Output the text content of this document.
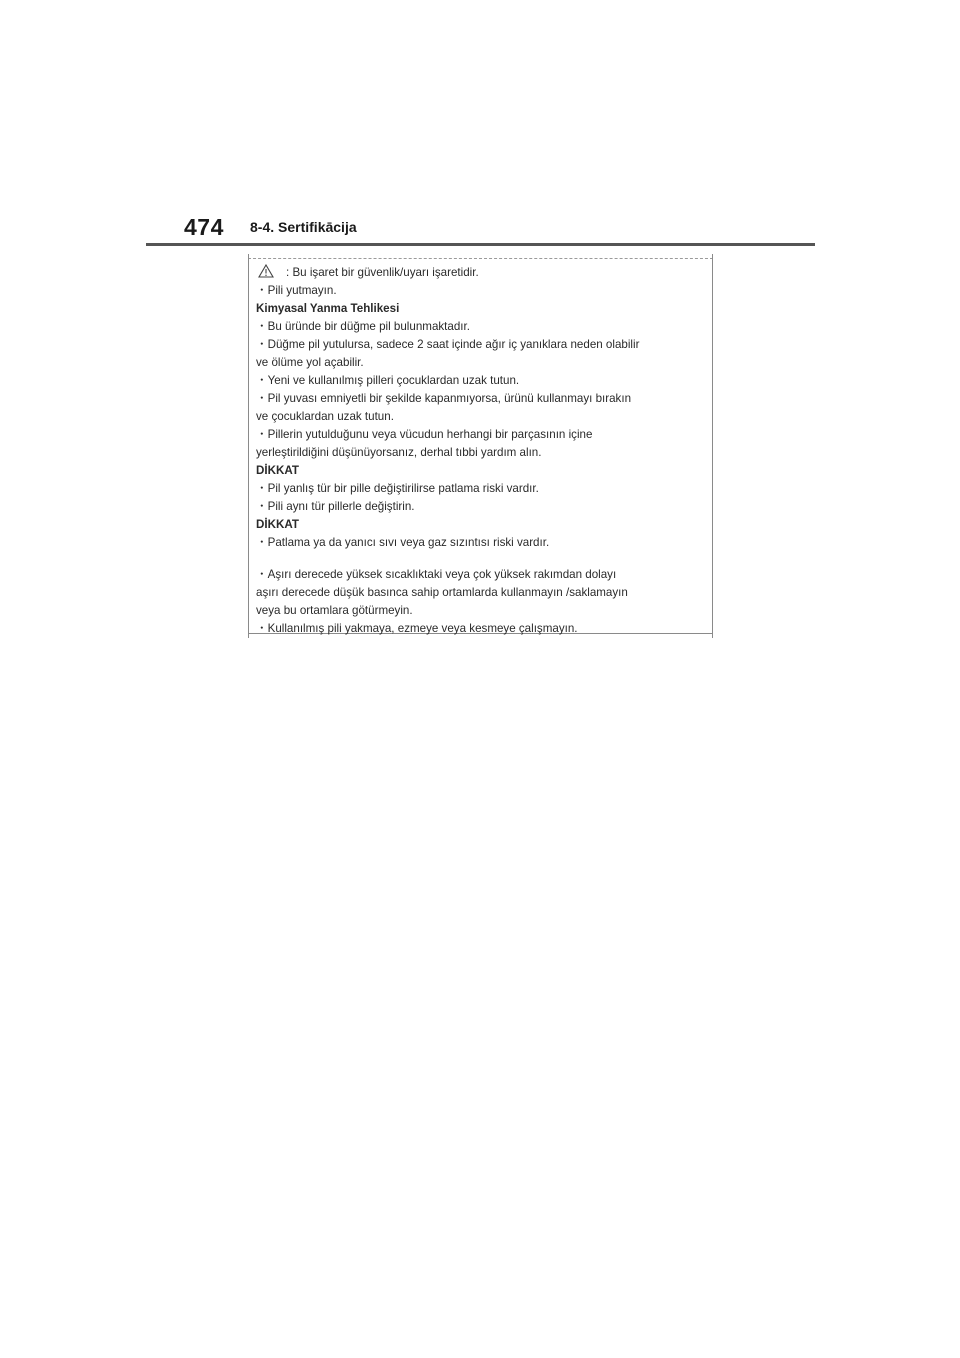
474 8-4. Sertifikācija
: Bu işaret bir güvenlik/uyarı işaretidir.
・Pili yutmayın.
Kimyasal Yanma Tehlikesi
・Bu üründe bir düğme pil bulunmaktadır.
・Düğme pil yutulursa, sadece 2 saat içinde ağır iç yanıklara neden olabilir
ve ölüme yol açabilir.
・Yeni ve kullanılmış pilleri çocuklardan uzak tutun.
・Pil yuvası emniyetli bir şekilde kapanmıyorsa, ürünü kullanmayı bırakın
ve çocuklardan uzak tutun.
・Pillerin yutulduğunu veya vücudun herhangi bir parçasının içine
yerleştirildiğini düşünüyorsanız, derhal tıbbi yardım alın.
DİKKAT
・Pil yanlış tür bir pille değiştirilirse patlama riski vardır.
・Pili aynı tür pillerle değiştirin.
DİKKAT
・Patlama ya da yanıcı sıvı veya gaz sızıntısı riski vardır.
・Aşırı derecede yüksek sıcaklıktaki veya çok yüksek rakımdan dolayı
aşırı derecede düşük basınca sahip ortamlarda kullanmayın /saklamayın
veya bu ortamlara götürmeyin.
・Kullanılmış pili yakmaya, ezmeye veya kesmeye çalışmayın.
